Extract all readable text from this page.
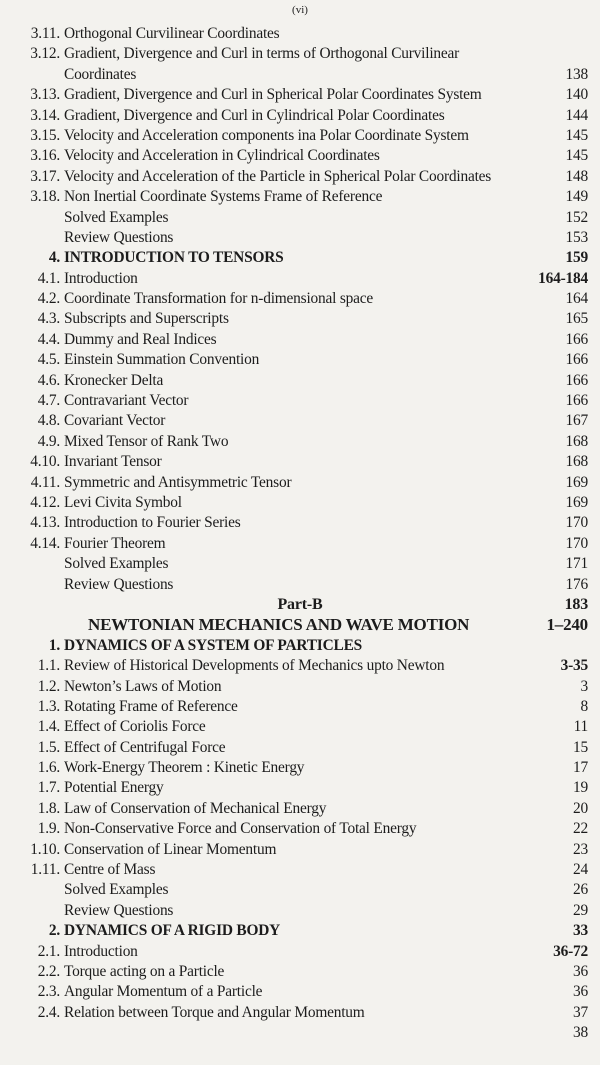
(vi)
3.11. Orthogonal Curvilinear Coordinates
3.12. Gradient, Divergence and Curl in terms of Orthogonal Curvilinear Coordinates	138
3.13. Gradient, Divergence and Curl in Spherical Polar Coordinates System	140
3.14. Gradient, Divergence and Curl in Cylindrical Polar Coordinates	144
3.15. Velocity and Acceleration components ina Polar Coordinate System	145
3.16. Velocity and Acceleration in Cylindrical Coordinates	145
3.17. Velocity and Acceleration of the Particle in Spherical Polar Coordinates	148
3.18. Non Inertial Coordinate Systems Frame of Reference	149
Solved Examples	152
Review Questions	153
4. INTRODUCTION TO TENSORS	159
4.1. Introduction	164-184
4.2. Coordinate Transformation for n-dimensional space	164
4.3. Subscripts and Superscripts	165
4.4. Dummy and Real Indices	166
4.5. Einstein Summation Convention	166
4.6. Kronecker Delta	166
4.7. Contravariant Vector	166
4.8. Covariant Vector	167
4.9. Mixed Tensor of Rank Two	168
4.10. Invariant Tensor	168
4.11. Symmetric and Antisymmetric Tensor	169
4.12. Levi Civita Symbol	169
4.13. Introduction to Fourier Series	170
4.14. Fourier Theorem	170
Solved Examples	171
Review Questions	176
Part-B	183
NEWTONIAN MECHANICS AND WAVE MOTION	1–240
1. DYNAMICS OF A SYSTEM OF PARTICLES
1.1. Review of Historical Developments of Mechanics upto Newton	3-35
1.2. Newton’s Laws of Motion	3
1.3. Rotating Frame of Reference	8
1.4. Effect of Coriolis Force	11
1.5. Effect of Centrifugal Force	15
1.6. Work-Energy Theorem : Kinetic Energy	17
1.7. Potential Energy	19
1.8. Law of Conservation of Mechanical Energy	20
1.9. Non-Conservative Force and Conservation of Total Energy	22
1.10. Conservation of Linear Momentum	23
1.11. Centre of Mass	24
Solved Examples	26
Review Questions	29
2. DYNAMICS OF A RIGID BODY	33
2.1. Introduction	36-72
2.2. Torque acting on a Particle	36
2.3. Angular Momentum of a Particle	36
2.4. Relation between Torque and Angular Momentum	37
38
